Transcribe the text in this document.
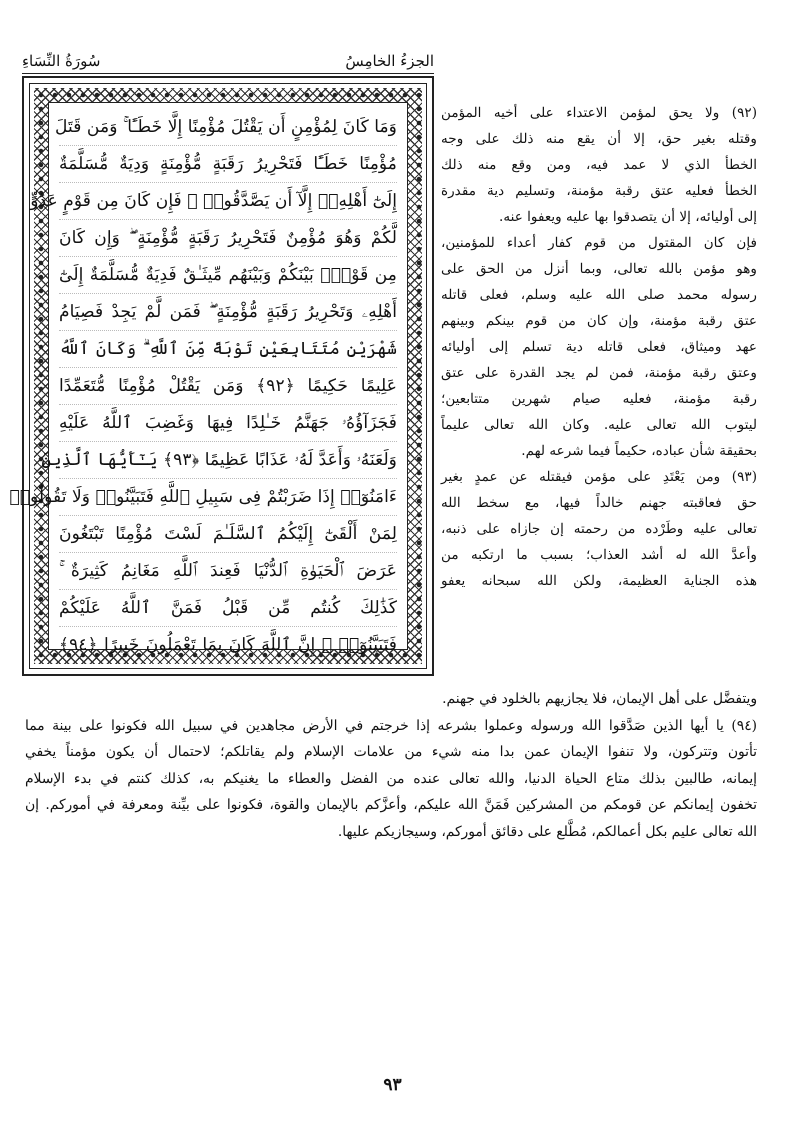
الجزءُ الخامِسُ
سُورَةُ النِّسَاءِ
وَمَا كَانَ لِمُؤْمِنٍ أَن يَقْتُلَ مُؤْمِنًا إِلَّا خَطَـًٔا ۚ وَمَن قَتَلَ
مُؤْمِنًا خَطَـًٔا فَتَحْرِيرُ رَقَبَةٍ مُّؤْمِنَةٍ وَدِيَةٌ مُّسَلَّمَةٌ
إِلَىٰٓ أَهْلِهِۦٓ إِلَّآ أَن يَصَّدَّقُوا۟ ۚ فَإِن كَانَ مِن قَوْمٍ عَدُوٍّ
لَّكُمْ وَهُوَ مُؤْمِنٌ فَتَحْرِيرُ رَقَبَةٍ مُّؤْمِنَةٍ ۖ وَإِن كَانَ
مِن قَوْمٍۭ بَيْنَكُمْ وَبَيْنَهُم مِّيثَـٰقٌ فَدِيَةٌ مُّسَلَّمَةٌ إِلَىٰٓ
أَهْلِهِۦ وَتَحْرِيرُ رَقَبَةٍ مُّؤْمِنَةٍ ۖ فَمَن لَّمْ يَجِدْ فَصِيَامُ
شَهْرَيْنِ مُتَتَابِعَيْنِ تَوْبَةً مِّنَ ٱللَّهِ ۗ وَكَانَ ٱللَّهُ
عَلِيمًا حَكِيمًا ﴿٩٢﴾ وَمَن يَقْتُلْ مُؤْمِنًا مُّتَعَمِّدًا
فَجَزَآؤُهُۥ جَهَنَّمُ خَـٰلِدًا فِيهَا وَغَضِبَ ٱللَّهُ عَلَيْهِ
وَلَعَنَهُۥ وَأَعَدَّ لَهُۥ عَذَابًا عَظِيمًا ﴿٩٣﴾ يَـٰٓأَيُّهَا ٱلَّذِينَ
ءَامَنُوٓا۟ إِذَا ضَرَبْتُمْ فِى سَبِيلِ ٱللَّهِ فَتَبَيَّنُوا۟ وَلَا تَقُولُوا۟
لِمَنْ أَلْقَىٰٓ إِلَيْكُمُ ٱلسَّلَـٰمَ لَسْتَ مُؤْمِنًا تَبْتَغُونَ
عَرَضَ ٱلْحَيَوٰةِ ٱلدُّنْيَا فَعِندَ ٱللَّهِ مَغَانِمُ كَثِيرَةٌ ۚ
كَذَٰلِكَ كُنتُم مِّن قَبْلُ فَمَنَّ ٱللَّهُ عَلَيْكُمْ
فَتَبَيَّنُوٓا۟ ۚ إِنَّ ٱللَّهَ كَانَ بِمَا تَعْمَلُونَ خَبِيرًا ﴿٩٤﴾
(٩٢) ولا يحق لمؤمن الاعتداء على أخيه المؤمن
وقتله بغير حق، إلا أن يقع منه ذلك على وجه
الخطأ الذي لا عمد فيه، ومن وقع منه ذلك
الخطأ فعليه عتق رقبة مؤمنة، وتسليم دية مقدرة
إلى أوليائه، إلا أن يتصدقوا بها عليه ويعفوا عنه.
فإن كان المقتول من قوم كفار أعداء للمؤمنين،
وهو مؤمن بالله تعالى، وبما أنزل من الحق على
رسوله محمد صلى الله عليه وسلم، فعلى قاتله
عتق رقبة مؤمنة، وإن كان من قوم بينكم وبينهم
عهد وميثاق، فعلى قاتله دية تسلم إلى أوليائه
وعتق رقبة مؤمنة، فمن لم يجد القدرة على عتق
رقبة مؤمنة، فعليه صيام شهرين متتابعين؛
ليتوب الله تعالى عليه. وكان الله تعالى عليماً
بحقيقة شأن عباده، حكيماً فيما شرعه لهم.
(٩٣) ومن يَعْتَدِ على مؤمن فيقتله عن عمدٍ بغير
حق فعاقبته جهنم خالداً فيها، مع سخط الله
تعالى عليه وطَرْده من رحمته إن جازاه على ذنبه،
وأعدَّ الله له أشد العذاب؛ بسبب ما ارتكبه من
هذه الجناية العظيمة، ولكن الله سبحانه يعفو
ويتفضَّل على أهل الإيمان، فلا يجازيهم بالخلود في جهنم.
(٩٤) يا أيها الذين صَدَّقوا الله ورسوله وعملوا بشرعه إذا خرجتم في الأرض مجاهدين في سبيل الله فكونوا على بينة مما
تأتون وتتركون، ولا تنفوا الإيمان عمن بدا منه شيء من علامات الإسلام ولم يقاتلكم؛ لاحتمال أن يكون مؤمناً يخفي
إيمانه، طالبين بذلك متاع الحياة الدنيا، والله تعالى عنده من الفضل والعطاء ما يغنيكم به، كذلك كنتم في بدء الإسلام
تخفون إيمانكم عن قومكم من المشركين فَمَنَّ الله عليكم، وأعزَّكم بالإيمان والقوة، فكونوا على بيِّنة ومعرفة في أموركم. إن
الله تعالى عليم بكل أعمالكم، مُطَّلع على دقائق أموركم، وسيجازيكم عليها.
٩٣
